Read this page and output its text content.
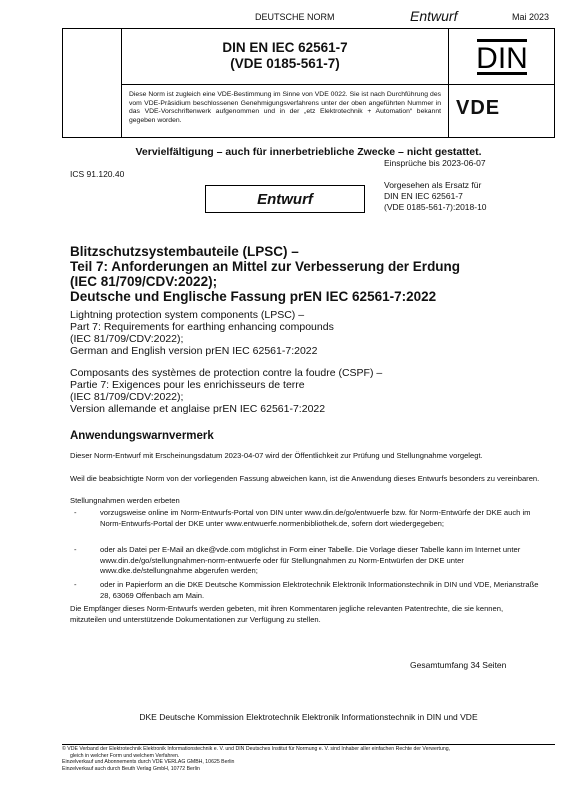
DEUTSCHE NORM	Entwurf	Mai 2023
DIN EN IEC 62561-7
(VDE 0185-561-7)
Diese Norm ist zugleich eine VDE-Bestimmung im Sinne von VDE 0022. Sie ist nach Durchführung des vom VDE-Präsidium beschlossenen Genehmigungsverfahrens unter der oben angeführten Nummer in das VDE-Vorschriftenwerk aufgenommen und in der „etz Elektrotechnik + Automation“ bekannt gegeben worden.
DIN
VDE
Vervielfältigung – auch für innerbetriebliche Zwecke – nicht gestattet.
ICS 91.120.40
Einsprüche bis 2023-06-07
Vorgesehen als Ersatz für
DIN EN IEC 62561-7
(VDE 0185-561-7):2018-10
Entwurf
Blitzschutzsystembauteile (LPSC) –
Teil 7: Anforderungen an Mittel zur Verbesserung der Erdung
(IEC 81/709/CDV:2022);
Deutsche und Englische Fassung prEN IEC 62561-7:2022
Lightning protection system components (LPSC) –
Part 7: Requirements for earthing enhancing compounds
(IEC 81/709/CDV:2022);
German and English version prEN IEC 62561-7:2022
Composants des systèmes de protection contre la foudre (CSPF) –
Partie 7: Exigences pour les enrichisseurs de terre
(IEC 81/709/CDV:2022);
Version allemande et anglaise prEN IEC 62561-7:2022
Anwendungswarnvermerk
Dieser Norm-Entwurf mit Erscheinungsdatum 2023-04-07 wird der Öffentlichkeit zur Prüfung und Stellungnahme vorgelegt.
Weil die beabsichtigte Norm von der vorliegenden Fassung abweichen kann, ist die Anwendung dieses Entwurfs besonders zu vereinbaren.
Stellungnahmen werden erbeten
-	vorzugsweise online im Norm-Entwurfs-Portal von DIN unter www.din.de/go/entwuerfe bzw. für Norm-Entwürfe der DKE auch im Norm-Entwurfs-Portal der DKE unter www.entwuerfe.normenbibliothek.de, sofern dort wiedergegeben;
-	oder als Datei per E-Mail an dke@vde.com möglichst in Form einer Tabelle. Die Vorlage dieser Tabelle kann im Internet unter www.din.de/go/stellungnahmen-norm-entwuerfe oder für Stellungnahmen zu Norm-Entwürfen der DKE unter www.dke.de/stellungnahme abgerufen werden;
-	oder in Papierform an die DKE Deutsche Kommission Elektrotechnik Elektronik Informationstechnik in DIN und VDE, Merianstraße 28, 63069 Offenbach am Main.
Die Empfänger dieses Norm-Entwurfs werden gebeten, mit ihren Kommentaren jegliche relevanten Patentrechte, die sie kennen, mitzuteilen und unterstützende Dokumentationen zur Verfügung zu stellen.
Gesamtumfang 34 Seiten
DKE Deutsche Kommission Elektrotechnik Elektronik Informationstechnik in DIN und VDE
© VDE Verband der Elektrotechnik Elektronik Informationstechnik e. V. und DIN Deutsches Institut für Normung e. V. sind Inhaber aller einfachen Rechte der Verwertung,
gleich in welcher Form und welchem Verfahren.
Einzelverkauf und Abonnements durch VDE VERLAG GMBH, 10625 Berlin
Einzelverkauf auch durch Beuth Verlag GmbH, 10772 Berlin
